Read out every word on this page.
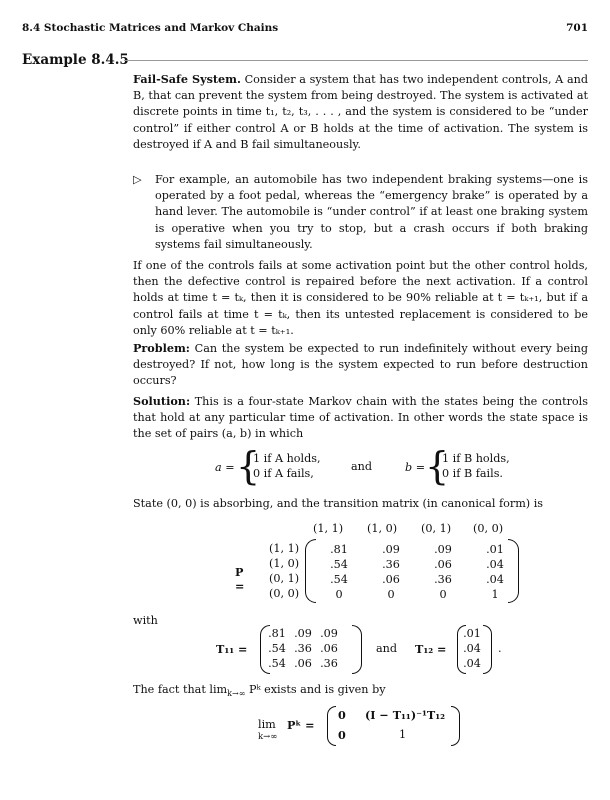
8.4 Stochastic Matrices and Markov Chains	701
Example 8.4.5

Fail-Safe System. Consider a system that has two independent controls, A and B, that can prevent the system from being destroyed. The system is activated at discrete points in time t₁, t₂, t₃, . . . , and the system is considered to be “under control” if either control A or B holds at the time of activation. The system is destroyed if A and B fail simultaneously.

▷ For example, an automobile has two independent braking systems—one is operated by a foot pedal, whereas the “emergency brake” is operated by a hand lever. The automobile is “under control” if at least one braking system is operative when you try to stop, but a crash occurs if both braking systems fail simultaneously.

If one of the controls fails at some activation point but the other control holds, then the defective control is repaired before the next activation. If a control holds at time t = tₖ, then it is considered to be 90% reliable at t = tₖ₊₁, but if a control fails at time t = tₖ, then its untested replacement is considered to be only 60% reliable at t = tₖ₊₁.

Problem: Can the system be expected to run indefinitely without every being destroyed? If not, how long is the system expected to run before destruction occurs?

Solution: This is a four-state Markov chain with the states being the controls that hold at any particular time of activation. In other words the state space is the set of pairs (a, b) in which

a = {
1 if A holds,
0 if A fails,
and	b = {
1 if B holds,
0 if B fails.

State (0, 0) is absorbing, and the transition matrix (in canonical form) is

P =
(1, 1) (1, 0) (0, 1) (0, 0)
(1, 1)
(1, 0)
(0, 1)
(0, 0)
.81	.09	.09	.01
.54	.36	.06	.04
.54	.06	.36	.04
0	0	0	1
with
T₁₁ =
.81	.09	.09
.54	.36	.06
.54	.06	.36
and T₁₂ =
.01
.04
.04
.
The fact that $\lim_{k\to\infty}$ Pᵏ exists and is given by
lim
k→∞
Pᵏ =
0 (I − T₁₁)⁻¹T₁₂
0	1
